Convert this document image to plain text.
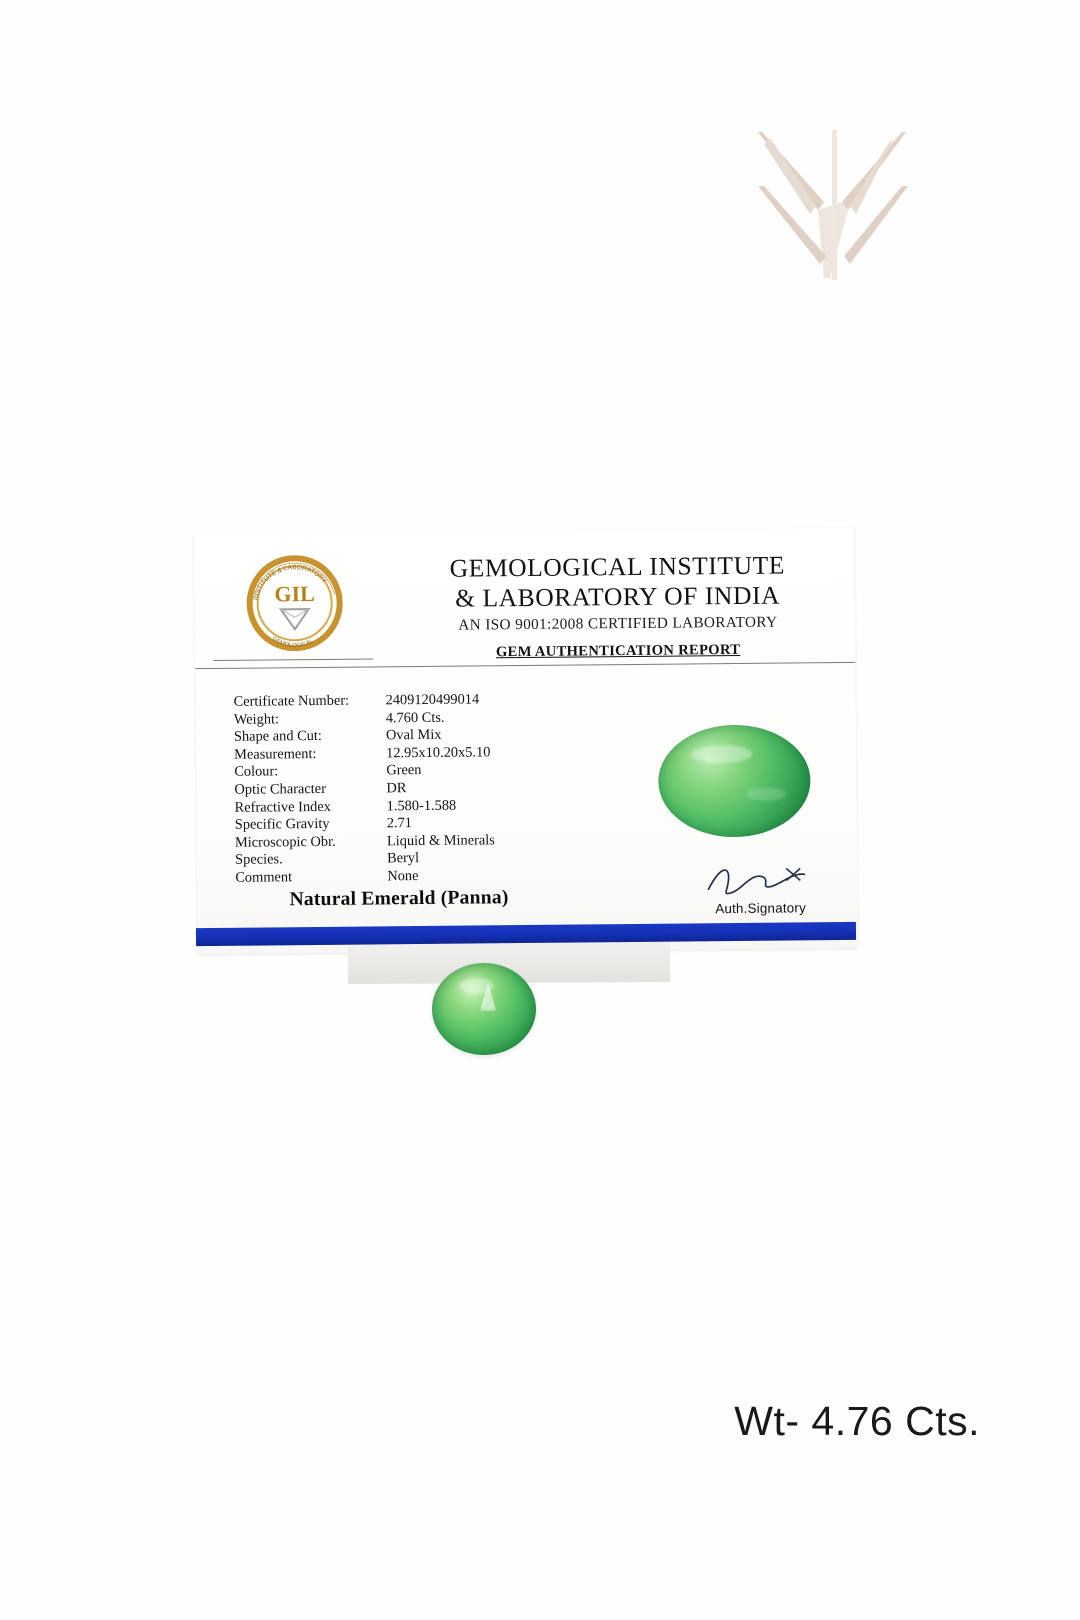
GIL
INSTITUTE & LABORATORY
GEMOLOGICAL
GEMOLOGICAL INSTITUTE
& LABORATORY OF INDIA
AN ISO 9001:2008 CERTIFIED LABORATORY
GEM AUTHENTICATION REPORT
Certificate Number:	2409120499014
Weight:	4.760 Cts.
Shape and Cut:	Oval Mix
Measurement:	12.95x10.20x5.10
Colour:	Green
Optic Character	DR
Refractive Index	1.580-1.588
Specific Gravity	2.71
Microscopic Obr.	Liquid & Minerals
Species.	Beryl
Comment	None
Natural Emerald (Panna)	Auth.Signatory
Wt- 4.76 Cts.
